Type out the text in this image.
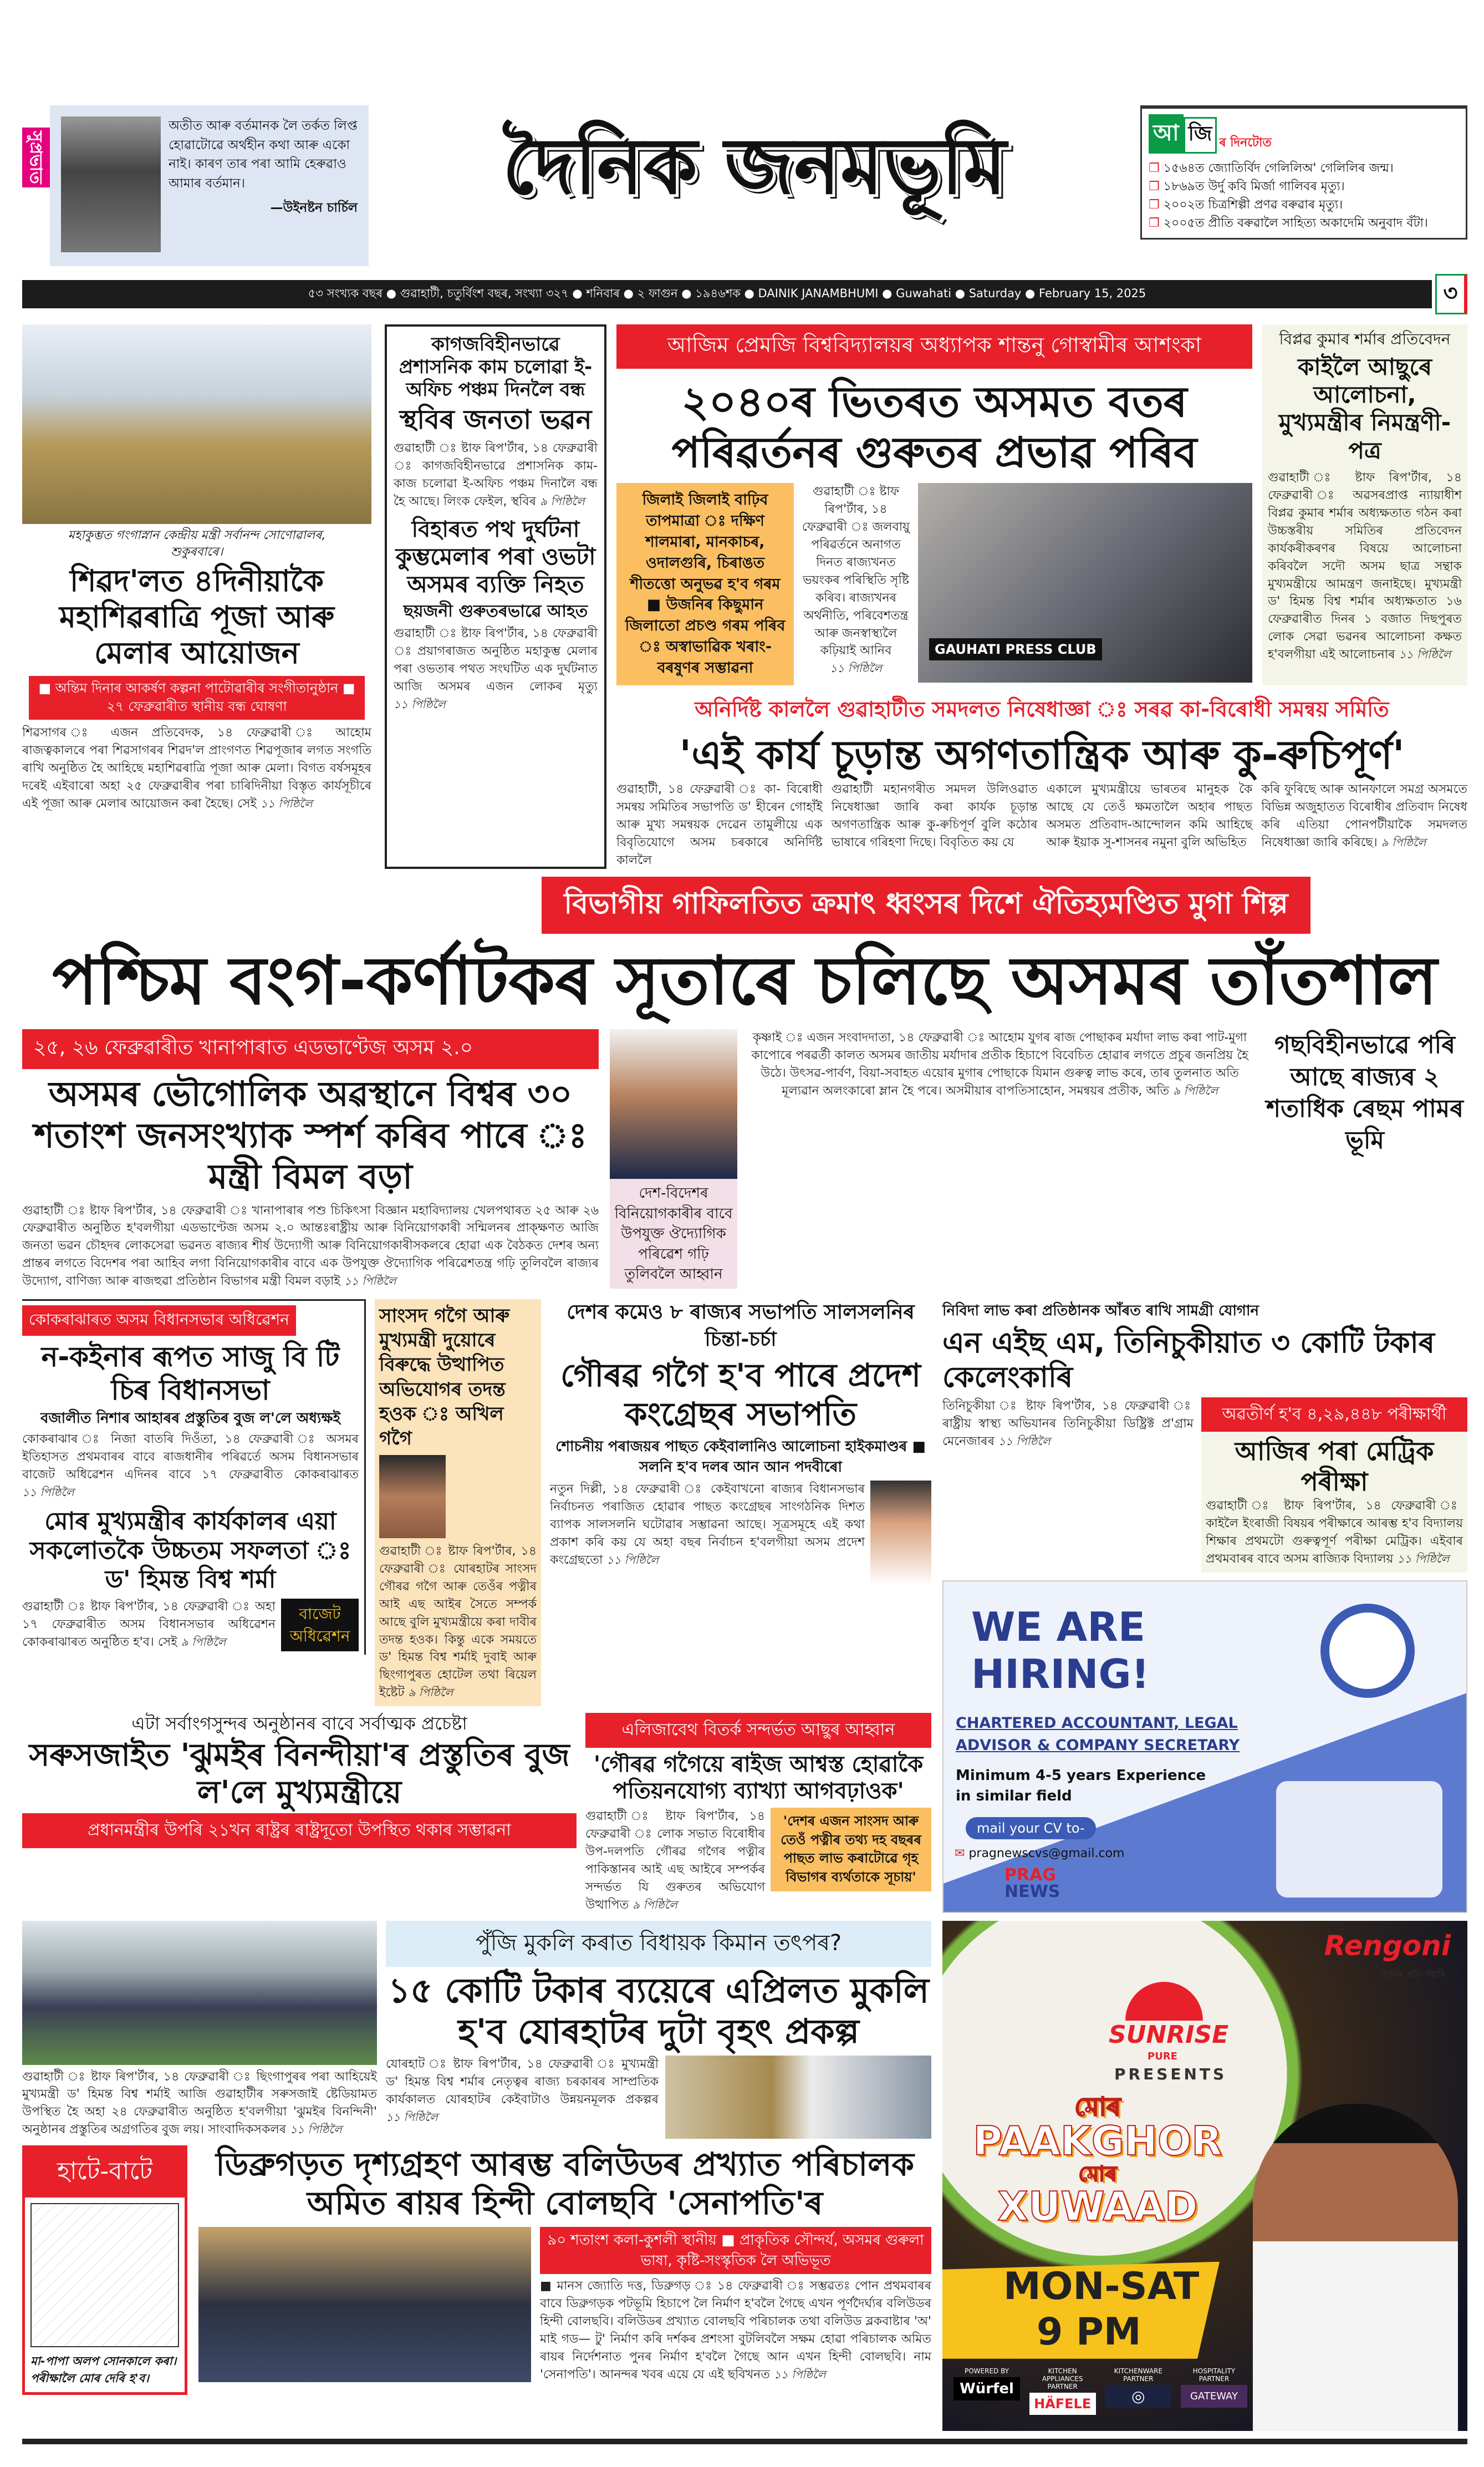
সুপ্ৰভাত
অতীত আৰু বৰ্তমানক লৈ তৰ্কত লিপ্ত হোৱাটোৱে অৰ্থহীন কথা আৰু একো নাই। কাৰণ তাৰ পৰা আমি হেৰুৱাও আমাৰ বৰ্তমান।
—উইনষ্টন চাৰ্চিল	দৈনিক জনমভূমি	আ জি ৰ দিনটোত
❒ ১৫৬৪ত জ্যোতিৰ্বিদ গেলিলিঅ' গেলিলিৰ জন্ম।
❒ ১৮৬৯ত উৰ্দু কবি মিৰ্জা গালিবৰ মৃত্যু।
❒ ২০০২ত চিত্ৰশিল্পী প্ৰণৱ বৰুৱাৰ মৃত্যু।
❒ ২০০৫ত প্ৰীতি বৰুৱালৈ সাহিত্য অকাদেমি অনুবাদ বঁটা।
৫৩ সংখ্যক বছৰ ● গুৱাহাটী, চতুৰ্বিংশ বছৰ, সংখ্যা ৩২৭ ● শনিবাৰ ● ২ ফাগুন ● ১৯৪৬শক ● DAINIK JANAMBHUMI ● Guwahati ● Saturday ● February 15, 2025	৩
মহাকুম্ভত গংগাস্নান কেন্দ্ৰীয় মন্ত্ৰী সৰ্বানন্দ সোণোৱালৰ, শুকুৰবাৰে।
শিৱদ'লত ৪দিনীয়াকৈ মহাশিৱৰাত্ৰি পূজা আৰু মেলাৰ আয়োজন
■ অন্তিম দিনাৰ আকৰ্ষণ কল্পনা পাটোৱাৰীৰ সংগীতানুষ্ঠান ■ ২৭ ফেব্ৰুৱাৰীত স্থানীয় বন্ধ ঘোষণা
শিৱসাগৰ ঃ এজন প্ৰতিবেদক, ১৪ ফেব্ৰুৱাৰী ঃ আহোম ৰাজত্বকালৰে পৰা শিৱসাগৰৰ শিৱদ'ল প্ৰাংগণত শিৱপূজাৰ লগত সংগতি ৰাখি অনুষ্ঠিত হৈ আহিছে মহাশিৱৰাত্ৰি পূজা আৰু মেলা। বিগত বৰ্ষসমূহৰ দৰেই এইবাৰো অহা ২৫ ফেব্ৰুৱাৰীৰ পৰা চাৰিদিনীয়া বিস্তৃত কাৰ্যসূচীৰে এই পূজা আৰু মেলাৰ আয়োজন কৰা হৈছে। সেই ১১ পিষ্ঠিলৈ
কাগজবিহীনভাৱে প্ৰশাসনিক কাম চলোৱা ই-অফিচ পঞ্চম দিনলৈ বন্ধ
স্থবিৰ জনতা ভৱন
গুৱাহাটী ঃ ষ্টাফ ৰিপ'ৰ্টাৰ, ১৪ ফেব্ৰুৱাৰী ঃ কাগজবিহীনভাৱে প্ৰশাসনিক কাম-কাজ চলোৱা ই-অফিচ পঞ্চম দিনালৈ বন্ধ হৈ আছে। লিংক ফেইল, স্থবিৰ ৯ পিষ্ঠিলৈ
বিহাৰত পথ দুৰ্ঘটনা
কুম্ভমেলাৰ পৰা ওভটা অসমৰ ব্যক্তি নিহত
ছয়জনী গুৰুতৰভাৱে আহত
গুৱাহাটী ঃ ষ্টাফ ৰিপ'ৰ্টাৰ, ১৪ ফেব্ৰুৱাৰী ঃ প্ৰয়াগৰাজত অনুষ্ঠিত মহাকুম্ভ মেলাৰ পৰা ওভতাৰ পথত সংঘটিত এক দুৰ্ঘটনাত আজি অসমৰ এজন লোকৰ মৃত্যু ১১ পিষ্ঠিলৈ
আজিম প্ৰেমজি বিশ্ববিদ্যালয়ৰ অধ্যাপক শান্তনু গোস্বামীৰ আশংকা
২০৪০ৰ ভিতৰত অসমত বতৰ পৰিৱৰ্তনৰ গুৰুতৰ প্ৰভাৱ পৰিব
জিলাই জিলাই বাঢ়িব তাপমাত্ৰা ঃ দক্ষিণ শালমাৰা, মানকাচৰ, ওদালগুৰি, চিৰাঙত শীতত্তো অনুভৱ হ'ব গৰম ■ উজনিৰ কিছুমান জিলাতো প্ৰচণ্ড গৰম পৰিব ঃ অস্বাভাৱিক খৰাং-বৰষুণৰ সম্ভাৱনা
গুৱাহাটী ঃ ষ্টাফ ৰিপ'ৰ্টাৰ, ১৪ ফেব্ৰুৱাৰী ঃ জলবায়ু পৰিৱৰ্তনে অনাগত দিনত ৰাজ্যখনত ভয়ংকৰ পৰিস্থিতি সৃষ্টি কৰিব। ৰাজ্যখনৰ অৰ্থনীতি, পৰিবেশতন্ত্ৰ আৰু জনস্বাস্থ্যলৈ কঢ়িয়াই আনিব ১১ পিষ্ঠিলৈ
GAUHATI PRESS CLUB
বিপ্লৱ কুমাৰ শৰ্মাৰ প্ৰতিবেদন
কাইলৈ আছুৰে আলোচনা, মুখ্যমন্ত্ৰীৰ নিমন্ত্ৰণী-পত্ৰ
গুৱাহাটী ঃ ষ্টাফ ৰিপ'ৰ্টাৰ, ১৪ ফেব্ৰুৱাৰী ঃ অৱসৰপ্ৰাপ্ত ন্যায়াধীশ বিপ্লৱ কুমাৰ শৰ্মাৰ অধ্যক্ষতাত গঠন কৰা উচ্চস্তৰীয় সমিতিৰ প্ৰতিবেদন কাৰ্যকৰীকৰণৰ বিষয়ে আলোচনা কৰিবলৈ সদৌ অসম ছাত্ৰ সন্থাক মুখ্যমন্ত্ৰীয়ে আমন্ত্ৰণ জনাইছে। মুখ্যমন্ত্ৰী ড' হিমন্ত বিশ্ব শৰ্মাৰ অধ্যক্ষতাত ১৬ ফেব্ৰুৱাৰীত দিনৰ ১ বজাত দিছপুৰত লোক সেৱা ভৱনৰ আলোচনা কক্ষত হ'বলগীয়া এই আলোচনাৰ ১১ পিষ্ঠিলৈ
অনিৰ্দিষ্ট কাললৈ গুৱাহাটীত সমদলত নিষেধাজ্ঞা ঃ সৰৱ কা-বিৰোধী সমন্বয় সমিতি
'এই কাৰ্য চূড়ান্ত অগণতান্ত্ৰিক আৰু কু-ৰুচিপূৰ্ণ'
গুৱাহাটী, ১৪ ফেব্ৰুৱাৰী ঃ কা- বিৰোধী সমন্বয় সমিতিৰ সভাপতি ড' হীৰেন গোহাঁই আৰু মুখ্য সমন্বয়ক দেৱেন তামুলীয়ে এক বিবৃতিযোগে অসম চৰকাৰে অনিৰ্দিষ্ট কাললৈ
গুৱাহাটী মহানগৰীত সমদল উলিওৱাত নিষেধাজ্ঞা জাৰি কৰা কাৰ্যক চূড়ান্ত অগণতান্ত্ৰিক আৰু কু-ৰুচিপূৰ্ণ বুলি কঠোৰ ভাষাৰে গৰিহণা দিছে। বিবৃতিত কয় যে
একালে মুখ্যমন্ত্ৰীয়ে ভাৰতৰ মানুহক কৈ আছে যে তেওঁ ক্ষমতালৈ অহাৰ পাছত অসমত প্ৰতিবাদ-আন্দোলন কমি আহিছে আৰু ইয়াক সু-শাসনৰ নমুনা বুলি অভিহিত
কৰি ফুৰিছে আৰু আনফালে সমগ্ৰ অসমতে বিভিন্ন অজুহাতত বিৰোধীৰ প্ৰতিবাদ নিষেধ কৰি এতিয়া পোনপটীয়াকৈ সমদলত নিষেধাজ্ঞা জাৰি কৰিছে। ৯ পিষ্ঠিলৈ
বিভাগীয় গাফিলতিত ক্ৰমাৎ ধ্বংসৰ দিশে ঐতিহ্যমণ্ডিত মুগা শিল্প
পশ্চিম বংগ-কৰ্ণাটকৰ সূতাৰে চলিছে অসমৰ তাঁতশাল
২৫, ২৬ ফেব্ৰুৱাৰীত খানাপাৰাত এডভাণ্টেজ অসম ২.০
অসমৰ ভৌগোলিক অৱস্থানে বিশ্বৰ ৩০ শতাংশ জনসংখ্যাক স্পৰ্শ কৰিব পাৰে ঃ মন্ত্ৰী বিমল বড়া
গুৱাহাটী ঃ ষ্টাফ ৰিপ'ৰ্টাৰ, ১৪ ফেব্ৰুৱাৰী ঃ খানাপাৰাৰ পশু চিকিৎসা বিজ্ঞান মহাবিদ্যালয় খেলপথাৰত ২৫ আৰু ২৬ ফেব্ৰুৱাৰীত অনুষ্ঠিত হ'বলগীয়া এডভাণ্টেজ অসম ২.০ আন্তঃৰাষ্ট্ৰীয় আৰু বিনিয়োগকাৰী সন্মিলনৰ প্ৰাক্‌ক্ষণত আজি জনতা ভৱন চৌহদৰ লোকসেৱা ভৱনত ৰাজ্যৰ শীৰ্ষ উদ্যোগী আৰু বিনিয়োগকাৰীসকলৰে হোৱা এক বৈঠকত দেশৰ অন্য প্ৰান্তৰ লগতে বিদেশৰ পৰা আহিব লগা বিনিয়োগকাৰীৰ বাবে এক উপযুক্ত ঔদ্যোগিক পৰিৱেশতন্ত্ৰ গঢ়ি তুলিবলৈ ৰাজ্যৰ উদ্যোগ, বাণিজ্য আৰু ৰাজহুৱা প্ৰতিষ্ঠান বিভাগৰ মন্ত্ৰী বিমল বড়াই ১১ পিষ্ঠিলৈ
দেশ-বিদেশৰ বিনিয়োগকাৰীৰ বাবে উপযুক্ত ঔদ্যোগিক পৰিৱেশ গঢ়ি তুলিবলৈ আহ্বান
কৃষ্ণাই ঃ এজন সংবাদদাতা, ১৪ ফেব্ৰুৱাৰী ঃ আহোম যুগৰ ৰাজ পোছাকৰ মৰ্যাদা লাভ কৰা পাট-মুগা কাপোৰে পৰৱৰ্তী কালত অসমৰ জাতীয় মৰ্যাদাৰ প্ৰতীক হিচাপে বিবেচিত হোৱাৰ লগতে প্ৰচুৰ জনপ্ৰিয় হৈ উঠে। উৎসৱ-পাৰ্বণ, বিয়া-সবাহত এয়োৰ মুগাৰ পোছাকে যিমান গুৰুত্ব লাভ কৰে, তাৰ তুলনাত অতি মূল্যৱান অলংকাৰো ম্লান হৈ পৰে। অসমীয়াৰ বাপতিসাহোন, সমন্বয়ৰ প্ৰতীক, অতি ৯ পিষ্ঠিলৈ
গছবিহীনভাৱে পৰি আছে ৰাজ্যৰ ২ শতাধিক ৰেছম পামৰ ভূমি
কোকৰাঝাৰত অসম বিধানসভাৰ অধিৱেশন
ন-কইনাৰ ৰূপত সাজু বি টি চিৰ বিধানসভা
বজালীত নিশাৰ আহাৰৰ প্ৰস্তুতিৰ বুজ ল'লে অধ্যক্ষই
কোকৰাঝাৰ ঃ নিজা বাতৰি দিওঁতা, ১৪ ফেব্ৰুৱাৰী ঃ অসমৰ ইতিহাসত প্ৰথমবাৰৰ বাবে ৰাজধানীৰ পৰিৱৰ্তে অসম বিধানসভাৰ বাজেট অধিৱেশন এদিনৰ বাবে ১৭ ফেব্ৰুৱাৰীত কোকৰাঝাৰত ১১ পিষ্ঠিলৈ
মোৰ মুখ্যমন্ত্ৰীৰ কাৰ্যকালৰ এয়া সকলোতকৈ উচ্চতম সফলতা ঃ ড' হিমন্ত বিশ্ব শৰ্মা
গুৱাহাটী ঃ ষ্টাফ ৰিপ'ৰ্টাৰ, ১৪ ফেব্ৰুৱাৰী ঃ অহা ১৭ ফেব্ৰুৱাৰীত অসম বিধানসভাৰ অধিৱেশন কোকৰাঝাৰত অনুষ্ঠিত হ'ব। সেই ৯ পিষ্ঠিলৈ
বাজেট অধিৱেশন
সাংসদ গগৈ আৰু মুখ্যমন্ত্ৰী দুয়োৰে বিৰুদ্ধে উত্থাপিত অভিযোগৰ তদন্ত হওক ঃ অখিল গগৈ
গুৱাহাটী ঃ ষ্টাফ ৰিপ'ৰ্টাৰ, ১৪ ফেব্ৰুৱাৰী ঃ যোৰহাটৰ সাংসদ গৌৰৱ গগৈ আৰু তেওঁৰ পত্নীৰ আই এছ আইৰ সৈতে সম্পৰ্ক আছে বুলি মুখ্যমন্ত্ৰীয়ে কৰা দাবীৰ তদন্ত হওক। কিন্তু একে সময়তে ড' হিমন্ত বিশ্ব শৰ্মাই দুবাই আৰু ছিংগাপুৰত হোটেল তথা ৰিয়েল ইষ্টেট ৯ পিষ্ঠিলৈ
দেশৰ কমেও ৮ ৰাজ্যৰ সভাপতি সালসলনিৰ চিন্তা-চৰ্চা
গৌৰৱ গগৈ হ'ব পাৰে প্ৰদেশ কংগ্ৰেছৰ সভাপতি
শোচনীয় পৰাজয়ৰ পাছত কেইবালানিও আলোচনা হাইকমাণ্ডৰ ■ সলনি হ'ব দলৰ আন আন পদবীৰো
নতুন দিল্লী, ১৪ ফেব্ৰুৱাৰী ঃ কেইবাখনো ৰাজ্যৰ বিধানসভাৰ নিৰ্বাচনত পৰাজিত হোৱাৰ পাছত কংগ্ৰেছৰ সাংগঠনিক দিশত ব্যাপক সালসলনি ঘটোৱাৰ সম্ভাৱনা আছে। সূত্ৰসমূহে এই কথা প্ৰকাশ কৰি কয় যে অহা বছৰ নিৰ্বাচন হ'বলগীয়া অসম প্ৰদেশ কংগ্ৰেছতো ১১ পিষ্ঠিলৈ
এটা সৰ্বাংগসুন্দৰ অনুষ্ঠানৰ বাবে সৰ্বাত্মক প্ৰচেষ্টা
সৰুসজাইত 'ঝুমইৰ বিনন্দীয়া'ৰ প্ৰস্তুতিৰ বুজ ল'লে মুখ্যমন্ত্ৰীয়ে
প্ৰধানমন্ত্ৰীৰ উপৰি ২১খন ৰাষ্ট্ৰৰ ৰাষ্ট্ৰদূতো উপস্থিত থকাৰ সম্ভাৱনা
এলিজাবেথ বিতৰ্ক সন্দৰ্ভত আছুৰ আহ্বান
'গৌৰৱ গগৈয়ে ৰাইজ আশ্বস্ত হোৱাকৈ পতিয়নযোগ্য ব্যাখ্যা আগবঢ়াওক'
গুৱাহাটী ঃ ষ্টাফ ৰিপ'ৰ্টাৰ, ১৪ ফেব্ৰুৱাৰী ঃ লোক সভাত বিৰোধীৰ উপ-দলপতি গৌৰৱ গগৈৰ পত্নীৰ পাকিস্তানৰ আই এছ আইৰে সম্পৰ্কৰ সন্দৰ্ভত যি গুৰুতৰ অভিযোগ উত্থাপিত ৯ পিষ্ঠিলৈ
'দেশৰ এজন সাংসদ আৰু তেওঁ পত্নীৰ তথ্য দহ বছৰৰ পাছত লাভ কৰাটোৱে গৃহ বিভাগৰ ব্যৰ্থতাকে সূচায়'
গুৱাহাটী ঃ ষ্টাফ ৰিপ'ৰ্টাৰ, ১৪ ফেব্ৰুৱাৰী ঃ ছিংগাপুৰৰ পৰা আহিয়েই মুখ্যমন্ত্ৰী ড' হিমন্ত বিশ্ব শৰ্মাই আজি গুৱাহাটীৰ সৰুসজাই ষ্টেডিয়ামত উপস্থিত হৈ অহা ২৪ ফেব্ৰুৱাৰীত অনুষ্ঠিত হ'বলগীয়া 'ঝুমইৰ বিনন্দিনী' অনুষ্ঠানৰ প্ৰস্তুতিৰ অগ্ৰগতিৰ বুজ লয়। সাংবাদিকসকলৰ ১১ পিষ্ঠিলৈ
পুঁজি মুকলি কৰাত বিধায়ক কিমান তৎপৰ?
১৫ কোটি টকাৰ ব্যয়েৰে এপ্ৰিলত মুকলি হ'ব যোৰহাটৰ দুটা বৃহৎ প্ৰকল্প
যোৰহাট ঃ ষ্টাফ ৰিপ'ৰ্টাৰ, ১৪ ফেব্ৰুৱাৰী ঃ মুখ্যমন্ত্ৰী ড' হিমন্ত বিশ্ব শৰ্মাৰ নেতৃত্বৰ ৰাজ্য চৰকাৰৰ সাম্প্ৰতিক কাৰ্যকালত যোৰহাটৰ কেইবাটাও উন্নয়নমূলক প্ৰকল্পৰ ১১ পিষ্ঠিলৈ
হাটে-বাটে
মা-পাপা অলপ সোনকালে কৰা। পৰীক্ষালৈ মোৰ দেৰি হ'ব।
ডিব্ৰুগড়ত দৃশ্যগ্ৰহণ আৰম্ভ বলিউডৰ প্ৰখ্যাত পৰিচালক অমিত ৰায়ৰ হিন্দী বোলছবি 'সেনাপতি'ৰ
৯০ শতাংশ কলা-কুশলী স্থানীয় ■ প্ৰাকৃতিক সৌন্দৰ্য, অসমৰ গুৰুলা ভাষা, কৃষ্টি-সংস্কৃতিক লৈ অভিভূত
■ মানস জ্যোতি দত্ত, ডিব্ৰুগড় ঃ ১৪ ফেব্ৰুৱাৰী ঃ সম্ভৱতঃ পোন প্ৰথমবাৰৰ বাবে ডিব্ৰুগড়ক পটভূমি হিচাপে লৈ নিৰ্মাণ হ'বলৈ গৈছে এখন পূৰ্ণদৈৰ্ঘ্যৰ বলিউডৰ হিন্দী বোলছবি। বলিউডৰ প্ৰখ্যাত বোলছবি পৰিচালক তথা বলিউড ব্লকবাষ্টাৰ 'অ' মাই গড— টু' নিৰ্মাণ কৰি দৰ্শকৰ প্ৰশংসা বুটলিবলৈ সক্ষম হোৱা পৰিচালক অমিত ৰায়ৰ নিৰ্দেশনাত পুনৰ নিৰ্মাণ হ'বলৈ গৈছে আন এখন হিন্দী বোলছবি। নাম 'সেনাপতি'। আনন্দৰ খবৰ এয়ে যে এই ছবিখনত ১১ পিষ্ঠিলৈ
নিবিদা লাভ কৰা প্ৰতিষ্ঠানক আঁৰত ৰাখি সামগ্ৰী যোগান
এন এইছ এম, তিনিচুকীয়াত ৩ কোটি টকাৰ কেলেংকাৰি
তিনিচুকীয়া ঃ ষ্টাফ ৰিপ'ৰ্টাৰ, ১৪ ফেব্ৰুৱাৰী ঃ ৰাষ্ট্ৰীয় স্বাস্থ্য অভিযানৰ তিনিচুকীয়া ডিষ্ট্ৰিক্ট প্ৰ'গ্ৰাম মেনেজাৰৰ ১১ পিষ্ঠিলৈ
অৱতীৰ্ণ হ'ব ৪,২৯,৪৪৮ পৰীক্ষাৰ্থী
আজিৰ পৰা মেট্ৰিক পৰীক্ষা
গুৱাহাটী ঃ ষ্টাফ ৰিপ'ৰ্টাৰ, ১৪ ফেব্ৰুৱাৰী ঃ কাইলৈ ইংৰাজী বিষয়ৰ পৰীক্ষাৰে আৰম্ভ হ'ব বিদ্যালয় শিক্ষাৰ প্ৰথমটো গুৰুত্বপূৰ্ণ পৰীক্ষা মেট্ৰিক। এইবাৰ প্ৰথমবাৰৰ বাবে অসম ৰাজ্যিক বিদ্যালয় ১১ পিষ্ঠিলৈ
WE ARE
HIRING!
CHARTERED ACCOUNTANT, LEGAL
ADVISOR & COMPANY SECRETARY
Minimum 4-5 years Experience
in similar field
mail your CV to-
✉ pragnewscvs@gmail.com
PRAG
NEWS
Rengoni
তিনিৰ প্ৰতি সঁহাৰি
SUNRISE
PURE
PRESENTS
মোৰ
PAAKGHOR
মোৰ
XUWAAD
MON-SAT
9 PM
POWERED BY
Würfel
KITCHEN APPLIANCES PARTNER
HÄFELE
KITCHENWARE PARTNER
◎
HOSPITALITY PARTNER
GATEWAY
